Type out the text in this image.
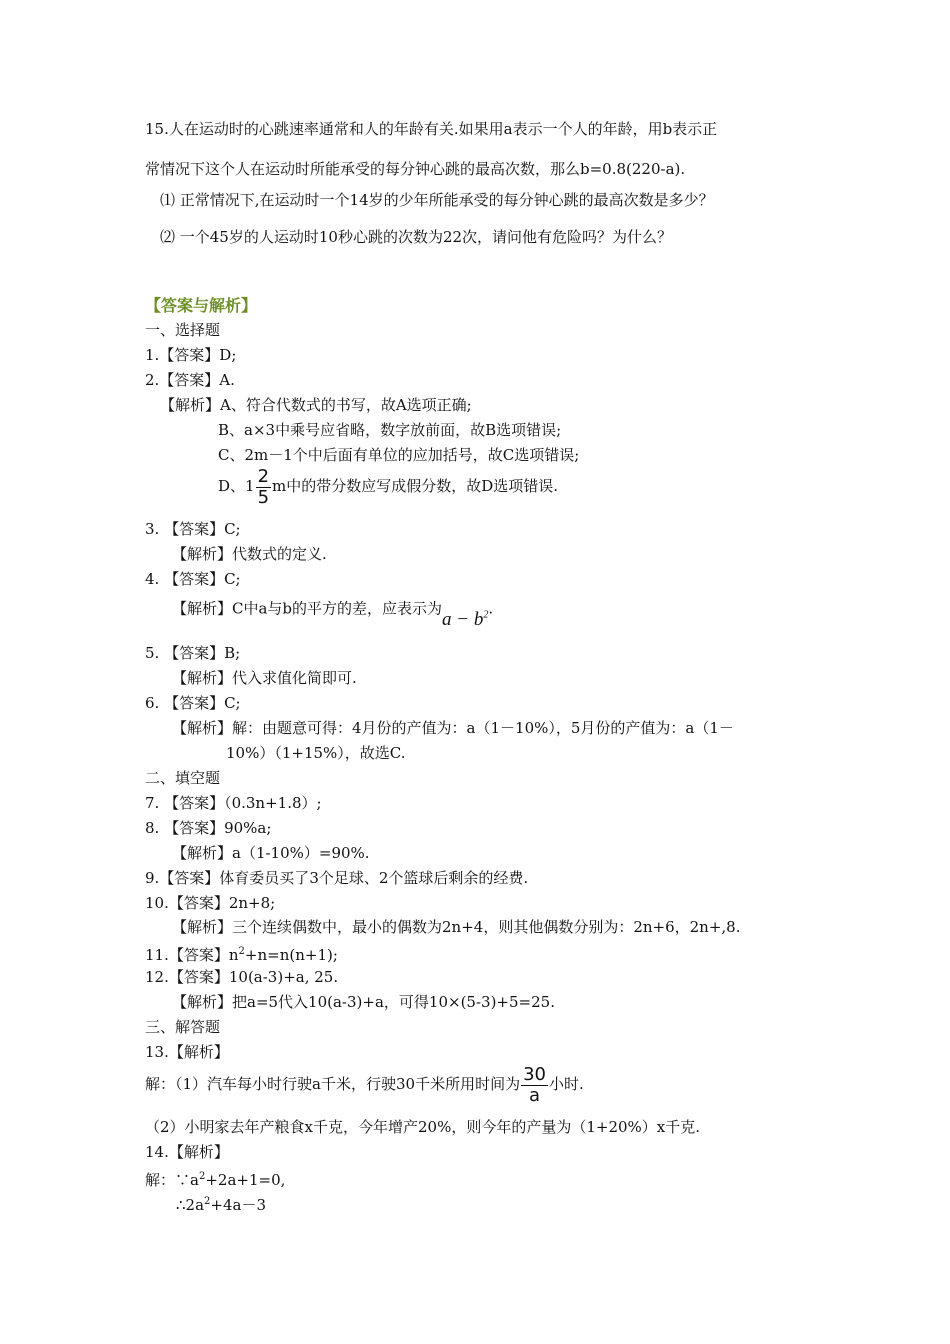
15.人在运动时的心跳速率通常和人的年龄有关.如果用a表示一个人的年龄，用b表示正
常情况下这个人在运动时所能承受的每分钟心跳的最高次数，那么b=0.8(220-a).
⑴ 正常情况下,在运动时一个14岁的少年所能承受的每分钟心跳的最高次数是多少？
⑵ 一个45岁的人运动时10秒心跳的次数为22次，请问他有危险吗？为什么？
【答案与解析】
一、选择题
1.【答案】D;
2.【答案】A.
【解析】A、符合代数式的书写，故A选项正确;
B、a×3中乘号应省略，数字放前面，故B选项错误;
C、2m－1个中后面有单位的应加括号，故C选项错误;
D、$1 \frac{2}{5}$ m中的带分数应写成假分数，故D选项错误.
3. 【答案】C;
【解析】代数式的定义.
4. 【答案】C;
【解析】C中a与b的平方的差，应表示为$a - b^2$.
5. 【答案】B;
【解析】代入求值化简即可.
6. 【答案】C;
【解析】解：由题意可得：4月份的产值为：a（1－10%），5月份的产值为：a（1－
10%）（1+15%），故选C.
二、填空题
7. 【答案】（0.3n+1.8）;
8. 【答案】90%a;
【解析】a（1-10%）=90%.
9.【答案】体育委员买了3个足球、2个篮球后剩余的经费.
10.【答案】2n+8;
【解析】三个连续偶数中，最小的偶数为2n+4，则其他偶数分别为：2n+6，2n+,8.
11.【答案】$n^2+n=n(n+1)$;
12.【答案】10(a-3)+a, 25.
【解析】把a=5代入10(a-3)+a，可得10×(5-3)+5=25.
三、解答题
13.【解析】
解：（1）汽车每小时行驶a千米，行驶30千米所用时间为 $\frac{30}{a}$ 小时.
（2）小明家去年产粮食x千克，今年增产20%，则今年的产量为（1+20%）x千克.
14.【解析】
解：$\because a^2+2a+1=0$,
$\therefore 2a^2+4a-3$
